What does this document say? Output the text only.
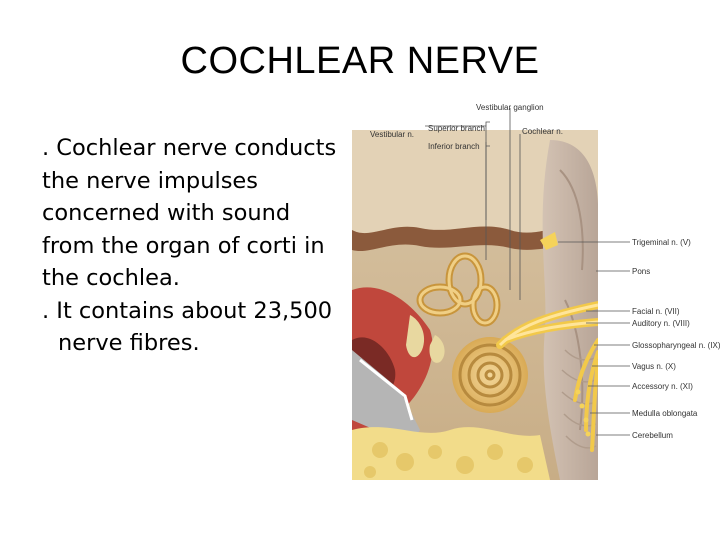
COCHLEAR NERVE

. Cochlear nerve conducts

the nerve impulses

concerned with sound

from the organ of corti in

the cochlea.

. It contains about 23,500

nerve fibres.

Vestibular ganglion
Vestibular n.
Superior branch
Inferior branch
Cochlear n.
Trigeminal n. (V)
Pons
Facial n. (VII)
Auditory n. (VIII)
Glossopharyngeal n. (IX)
Vagus n. (X)
Accessory n. (XI)
Medulla oblongata
Cerebellum
